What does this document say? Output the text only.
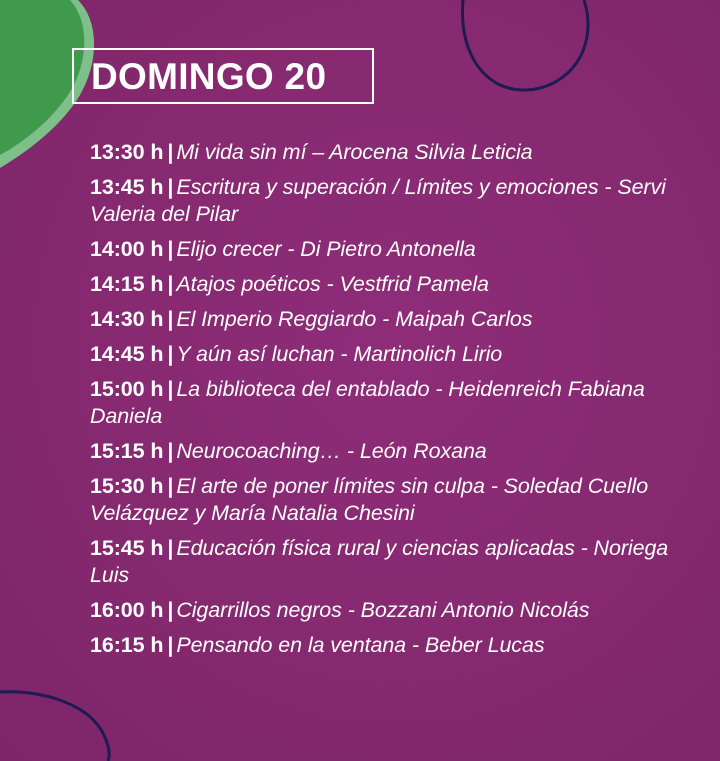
DOMINGO 20
13:30 h | Mi vida sin mí – Arocena Silvia Leticia
13:45 h | Escritura y superación / Límites y emociones - Servi Valeria del Pilar
14:00 h | Elijo crecer - Di Pietro Antonella
14:15 h | Atajos poéticos - Vestfrid Pamela
14:30 h | El Imperio Reggiardo - Maipah Carlos
14:45 h | Y aún así luchan - Martinolich Lirio
15:00 h | La biblioteca del entablado - Heidenreich Fabiana Daniela
15:15 h | Neurocoaching… - León Roxana
15:30 h | El arte de poner límites sin culpa - Soledad Cuello Velázquez y María Natalia Chesini
15:45 h | Educación física rural y ciencias aplicadas - Noriega Luis
16:00 h | Cigarrillos negros - Bozzani Antonio Nicolás
16:15 h | Pensando en la ventana - Beber Lucas
